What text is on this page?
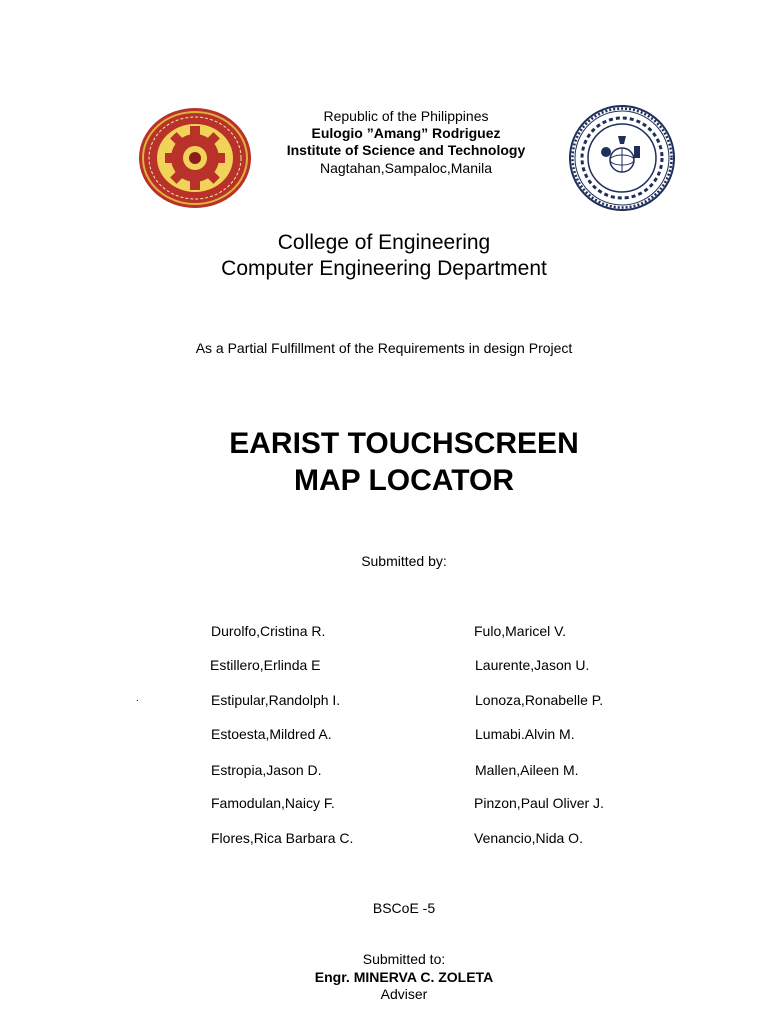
Republic of the Philippines
Eulogio ”Amang” Rodriguez
Institute of Science and Technology
Nagtahan,Sampaloc,Manila
College of Engineering
Computer Engineering Department
As a Partial Fulfillment of the Requirements in design Project
EARIST TOUCHSCREEN
MAP LOCATOR
Submitted by:
Durolfo,Cristina R.
Estillero,Erlinda E
Estipular,Randolph I.
Estoesta,Mildred A.
Estropia,Jason D.
Famodulan,Naicy F.
Flores,Rica Barbara C.
Fulo,Maricel V.
Laurente,Jason U.
Lonoza,Ronabelle P.
Lumabi.Alvin M.
Mallen,Aileen M.
Pinzon,Paul Oliver J.
Venancio,Nida O.
.
BSCoE -5
Submitted to:
Engr. MINERVA C. ZOLETA
Adviser
